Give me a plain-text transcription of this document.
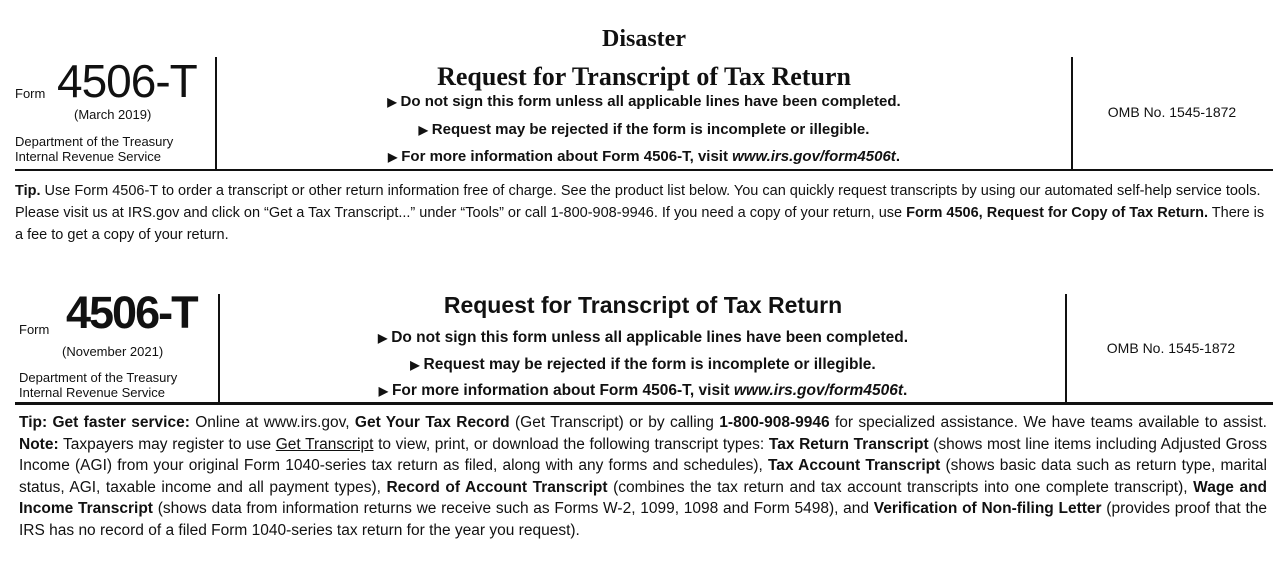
Disaster
Form 4506-T
(March 2019)
Department of the Treasury
Internal Revenue Service
Request for Transcript of Tax Return
▶ Do not sign this form unless all applicable lines have been completed.
▶ Request may be rejected if the form is incomplete or illegible.
▶ For more information about Form 4506-T, visit www.irs.gov/form4506t.
OMB No. 1545-1872
Tip. Use Form 4506-T to order a transcript or other return information free of charge. See the product list below. You can quickly request transcripts by using our automated self-help service tools. Please visit us at IRS.gov and click on “Get a Tax Transcript...” under “Tools” or call 1-800-908-9946. If you need a copy of your return, use Form 4506, Request for Copy of Tax Return. There is a fee to get a copy of your return.
Form 4506-T
(November 2021)
Department of the Treasury
Internal Revenue Service
Request for Transcript of Tax Return
▶ Do not sign this form unless all applicable lines have been completed.
▶ Request may be rejected if the form is incomplete or illegible.
▶ For more information about Form 4506-T, visit www.irs.gov/form4506t.
OMB No. 1545-1872
Tip: Get faster service: Online at www.irs.gov, Get Your Tax Record (Get Transcript) or by calling 1-800-908-9946 for specialized assistance. We have teams available to assist. Note: Taxpayers may register to use Get Transcript to view, print, or download the following transcript types: Tax Return Transcript (shows most line items including Adjusted Gross Income (AGI) from your original Form 1040-series tax return as filed, along with any forms and schedules), Tax Account Transcript (shows basic data such as return type, marital status, AGI, taxable income and all payment types), Record of Account Transcript (combines the tax return and tax account transcripts into one complete transcript), Wage and Income Transcript (shows data from information returns we receive such as Forms W-2, 1099, 1098 and Form 5498), and Verification of Non-filing Letter (provides proof that the IRS has no record of a filed Form 1040-series tax return for the year you request).
